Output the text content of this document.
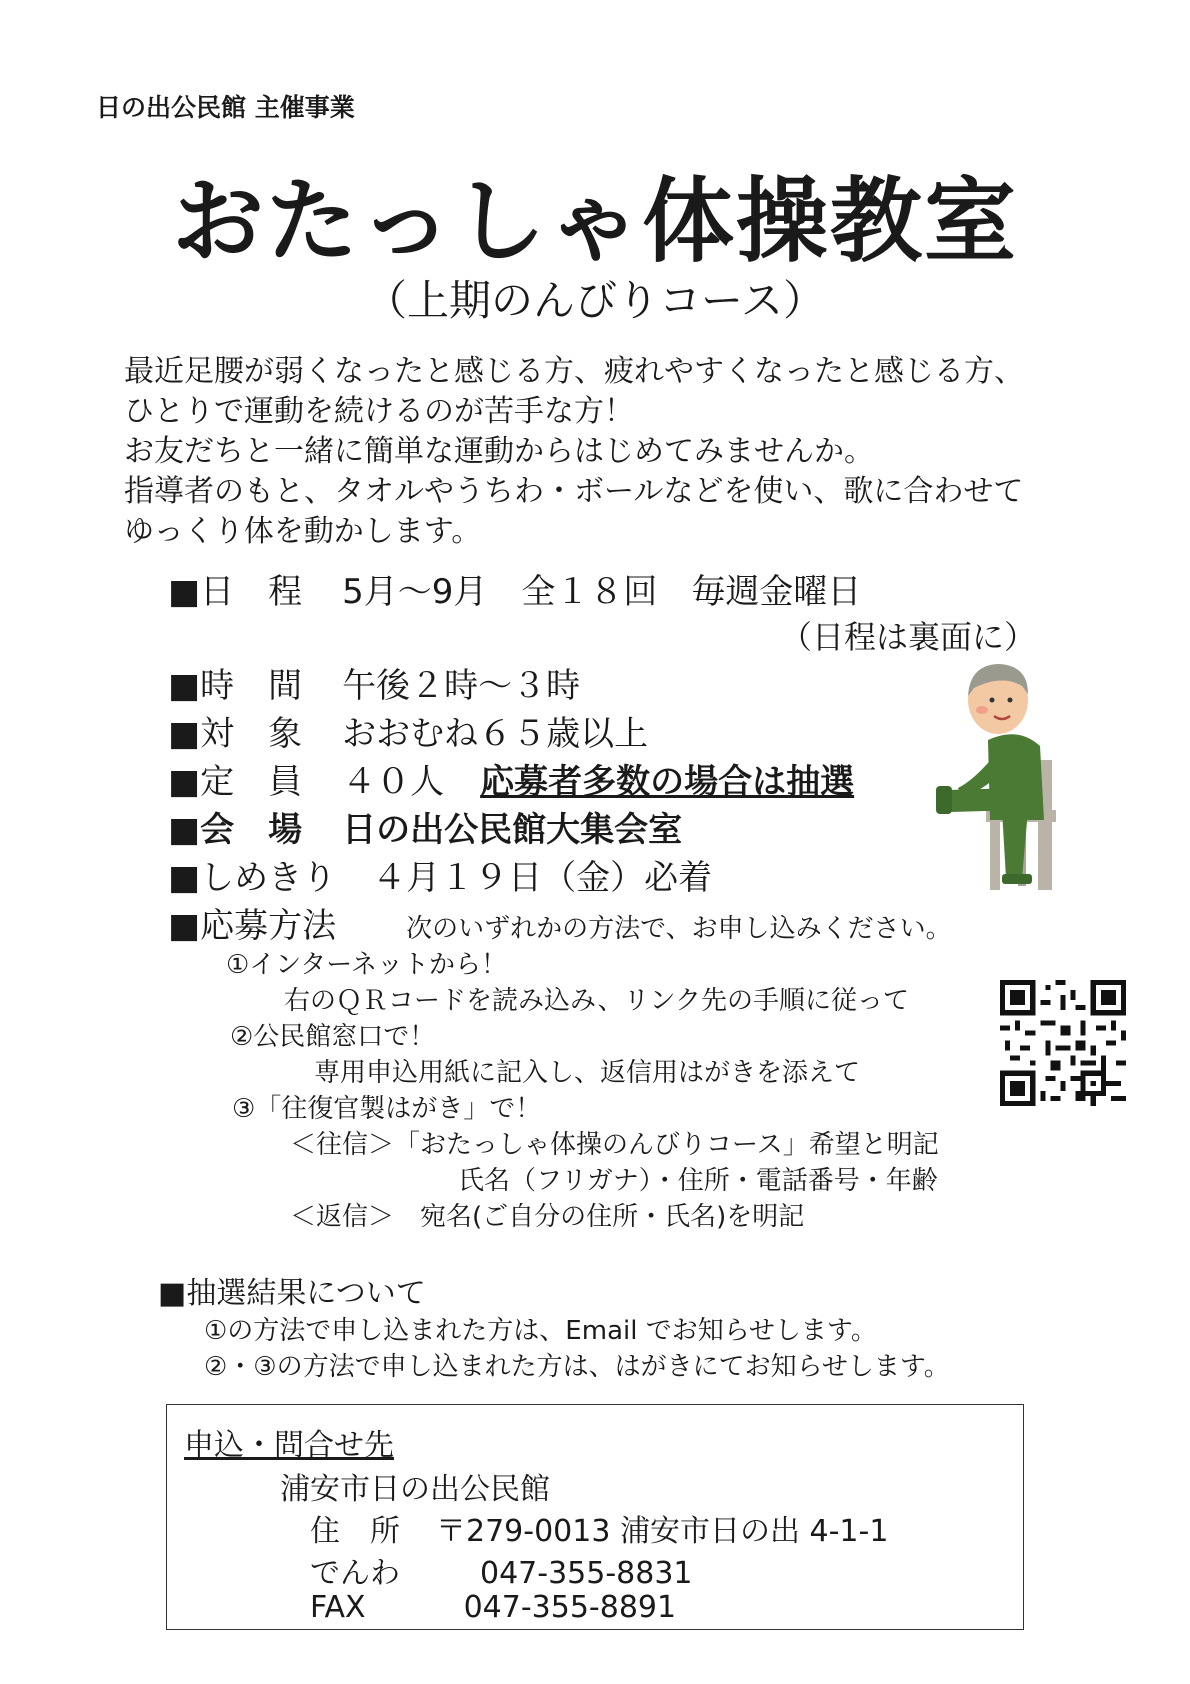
日の出公民館 主催事業
おたっしゃ体操教室
（上期のんびりコース）
最近足腰が弱くなったと感じる方、疲れやすくなったと感じる方、
ひとりで運動を続けるのが苦手な方！
お友だちと一緒に簡単な運動からはじめてみませんか。
指導者のもと、タオルやうちわ・ボールなどを使い、歌に合わせて
ゆっくり体を動かします。
■日　程 5月～9月　全１８回　毎週金曜日
（日程は裏面に）
■時　間 午後２時～３時
■対　象 おおむね６５歳以上
■定　員 ４０人 応募者多数の場合は抽選
■会　場 日の出公民館大集会室
■しめきり ４月１９日（金）必着
■応募方法	次のいずれかの方法で、お申し込みください。
①インターネットから！
右のＱＲコードを読み込み、リンク先の手順に従って
②公民館窓口で！
専用申込用紙に記入し、返信用はがきを添えて
③「往復官製はがき」で！
＜往信＞「おたっしゃ体操のんびりコース」希望と明記
氏名（フリガナ）・住所・電話番号・年齢
＜返信＞ 宛名(ご自分の住所・氏名)を明記
■抽選結果について
①の方法で申し込まれた方は、Email でお知らせします。
②・③の方法で申し込まれた方は、はがきにてお知らせします。
申込・問合せ先
浦安市日の出公民館
住　所 〒279-0013 浦安市日の出 4-1-1
でんわ	047-355-8831
FAX	047-355-8891
